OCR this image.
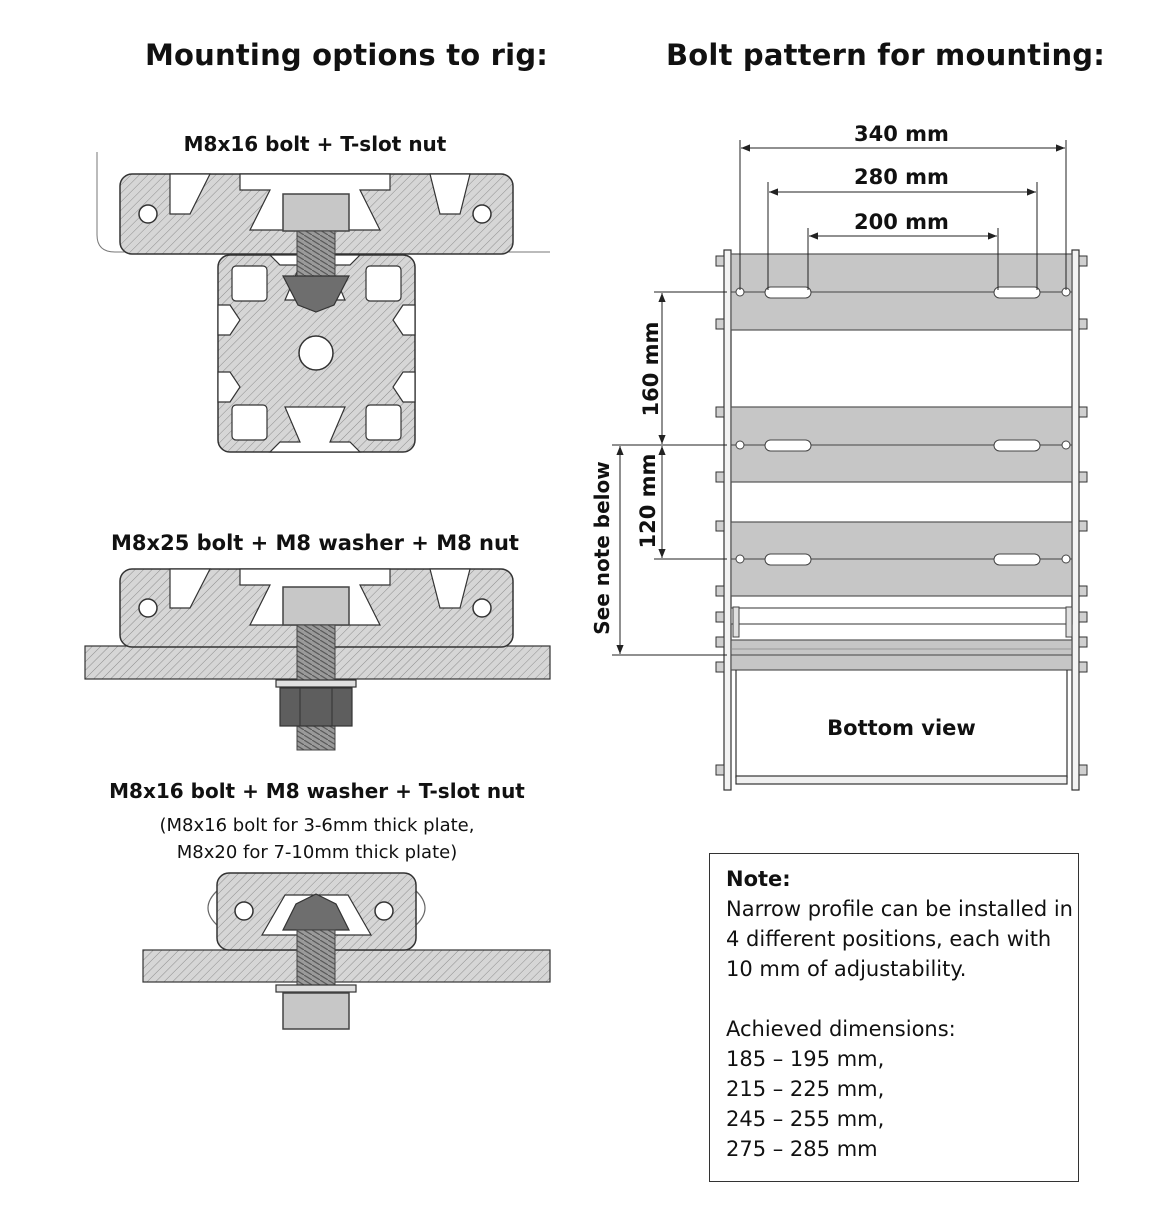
Mounting options to rig:	Bolt pattern for mounting:
M8x16 bolt + T-slot nut
M8x25 bolt + M8 washer + M8 nut
M8x16 bolt + M8 washer + T-slot nut
(M8x16 bolt for 3-6mm thick plate,
M8x20 for 7-10mm thick plate)
340 mm
280 mm
200 mm
160 mm
120 mm
See note below
Bottom view
Note:
Narrow profile can be installed in
4 different positions, each with
10 mm of adjustability.
Achieved dimensions:
185 – 195 mm,
215 – 225 mm,
245 – 255 mm,
275 – 285 mm
